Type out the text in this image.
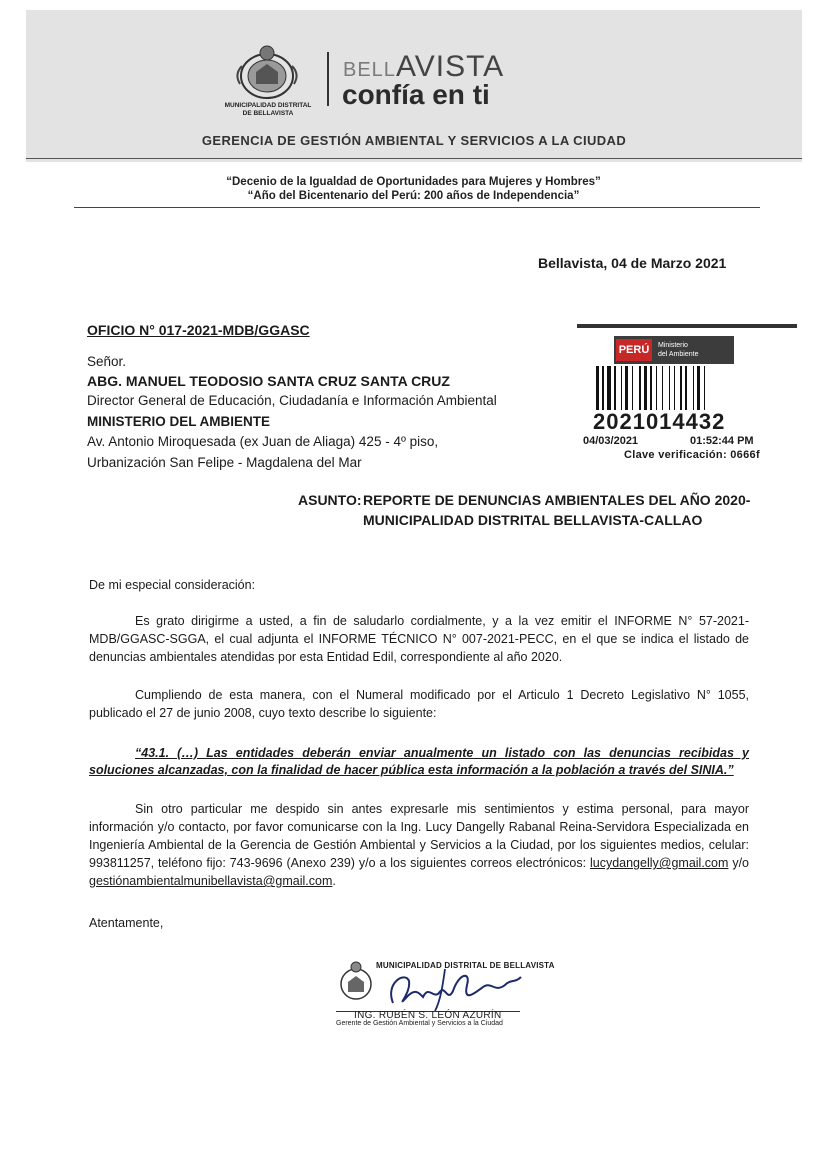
MUNICIPALIDAD DISTRITAL
DE BELLAVISTA
BELLAVISTA
confía en ti
GERENCIA DE GESTIÓN AMBIENTAL Y SERVICIOS A LA CIUDAD
“Decenio de la Igualdad de Oportunidades para Mujeres y Hombres”
“Año del Bicentenario del Perú: 200 años de Independencia”
Bellavista, 04 de Marzo 2021
PERÚ	Ministerio
del Ambiente
2021014432
04/03/2021	01:52:44 PM
Clave verificación: 0666f
OFICIO N° 017-2021-MDB/GGASC
Señor.
ABG. MANUEL TEODOSIO SANTA CRUZ SANTA CRUZ
Director General de Educación, Ciudadanía e Información Ambiental
MINISTERIO DEL AMBIENTE
Av. Antonio Miroquesada (ex Juan de Aliaga) 425 - 4º piso,
Urbanización San Felipe - Magdalena del Mar
ASUNTO: REPORTE DE DENUNCIAS AMBIENTALES DEL AÑO 2020-
MUNICIPALIDAD DISTRITAL BELLAVISTA-CALLAO
De mi especial consideración:
Es grato dirigirme a usted, a fin de saludarlo cordialmente, y a la vez emitir el INFORME N° 57-2021-MDB/GGASC-SGGA, el cual adjunta el INFORME TÉCNICO N° 007-2021-PECC, en el que se indica el listado de denuncias ambientales atendidas por esta Entidad Edil, correspondiente al año 2020.
Cumpliendo de esta manera, con el Numeral modificado por el Articulo 1 Decreto Legislativo N° 1055, publicado el 27 de junio 2008, cuyo texto describe lo siguiente:
“43.1. (…) Las entidades deberán enviar anualmente un listado con las denuncias recibidas y soluciones alcanzadas, con la finalidad de hacer pública esta información a la población a través del SINIA.”
Sin otro particular me despido sin antes expresarle mis sentimientos y estima personal, para mayor información y/o contacto, por favor comunicarse con la Ing. Lucy Dangelly Rabanal Reina-Servidora Especializada en Ingeniería Ambiental de la Gerencia de Gestión Ambiental y Servicios a la Ciudad, por los siguientes medios, celular: 993811257, teléfono fijo: 743-9696 (Anexo 239) y/o a los siguientes correos electrónicos: lucydangelly@gmail.com y/o gestiónambientalmunibellavista@gmail.com.
Atentamente,
MUNICIPALIDAD DISTRITAL DE BELLAVISTA
ING. RUBÉN S. LEÓN AZURÍN
Gerente de Gestión Ambiental y Servicios a la Ciudad
